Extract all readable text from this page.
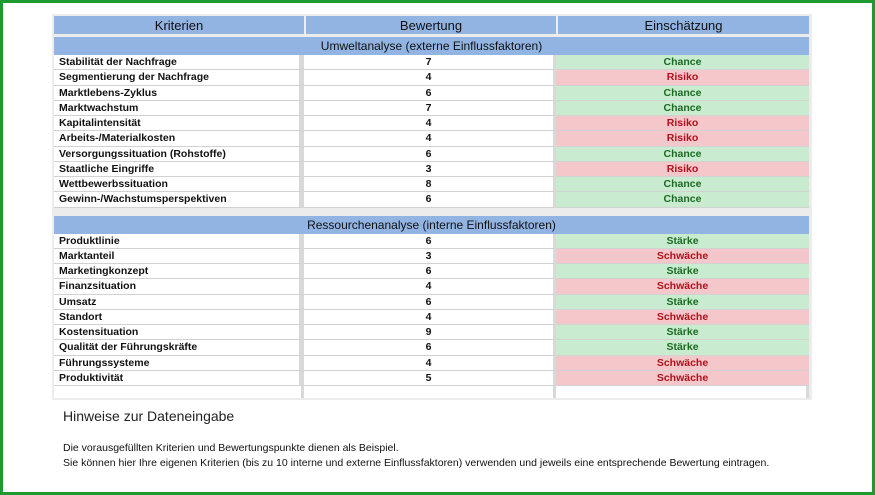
Kriterien	Bewertung	Einschätzung
Umweltanalyse (externe Einflussfaktoren)		
Stabilität der Nachfrage	7	Chance
Segmentierung der Nachfrage	4	Risiko
Marktlebens-Zyklus	6	Chance
Marktwachstum	7	Chance
Kapitalintensität	4	Risiko
Arbeits-/Materialkosten	4	Risiko
Versorgungssituation (Rohstoffe)	6	Chance
Staatliche Eingriffe	3	Risiko
Wettbewerbssituation	8	Chance
Gewinn-/Wachstumsperspektiven	6	Chance

Ressourchenanalyse (interne Einflussfaktoren)		
Produktlinie	6	Stärke
Marktanteil	3	Schwäche
Marketingkonzept	6	Stärke
Finanzsituation	4	Schwäche
Umsatz	6	Stärke
Standort	4	Schwäche
Kostensituation	9	Stärke
Qualität der Führungskräfte	6	Stärke
Führungssysteme	4	Schwäche
Produktivität	5	Schwäche

Hinweise zur Dateneingabe
Die vorausgefüllten Kriterien und Bewertungspunkte dienen als Beispiel.
Sie können hier Ihre eigenen Kriterien (bis zu 10 interne und externe Einflussfaktoren) verwenden und jeweils eine entsprechende Bewertung eintragen.
